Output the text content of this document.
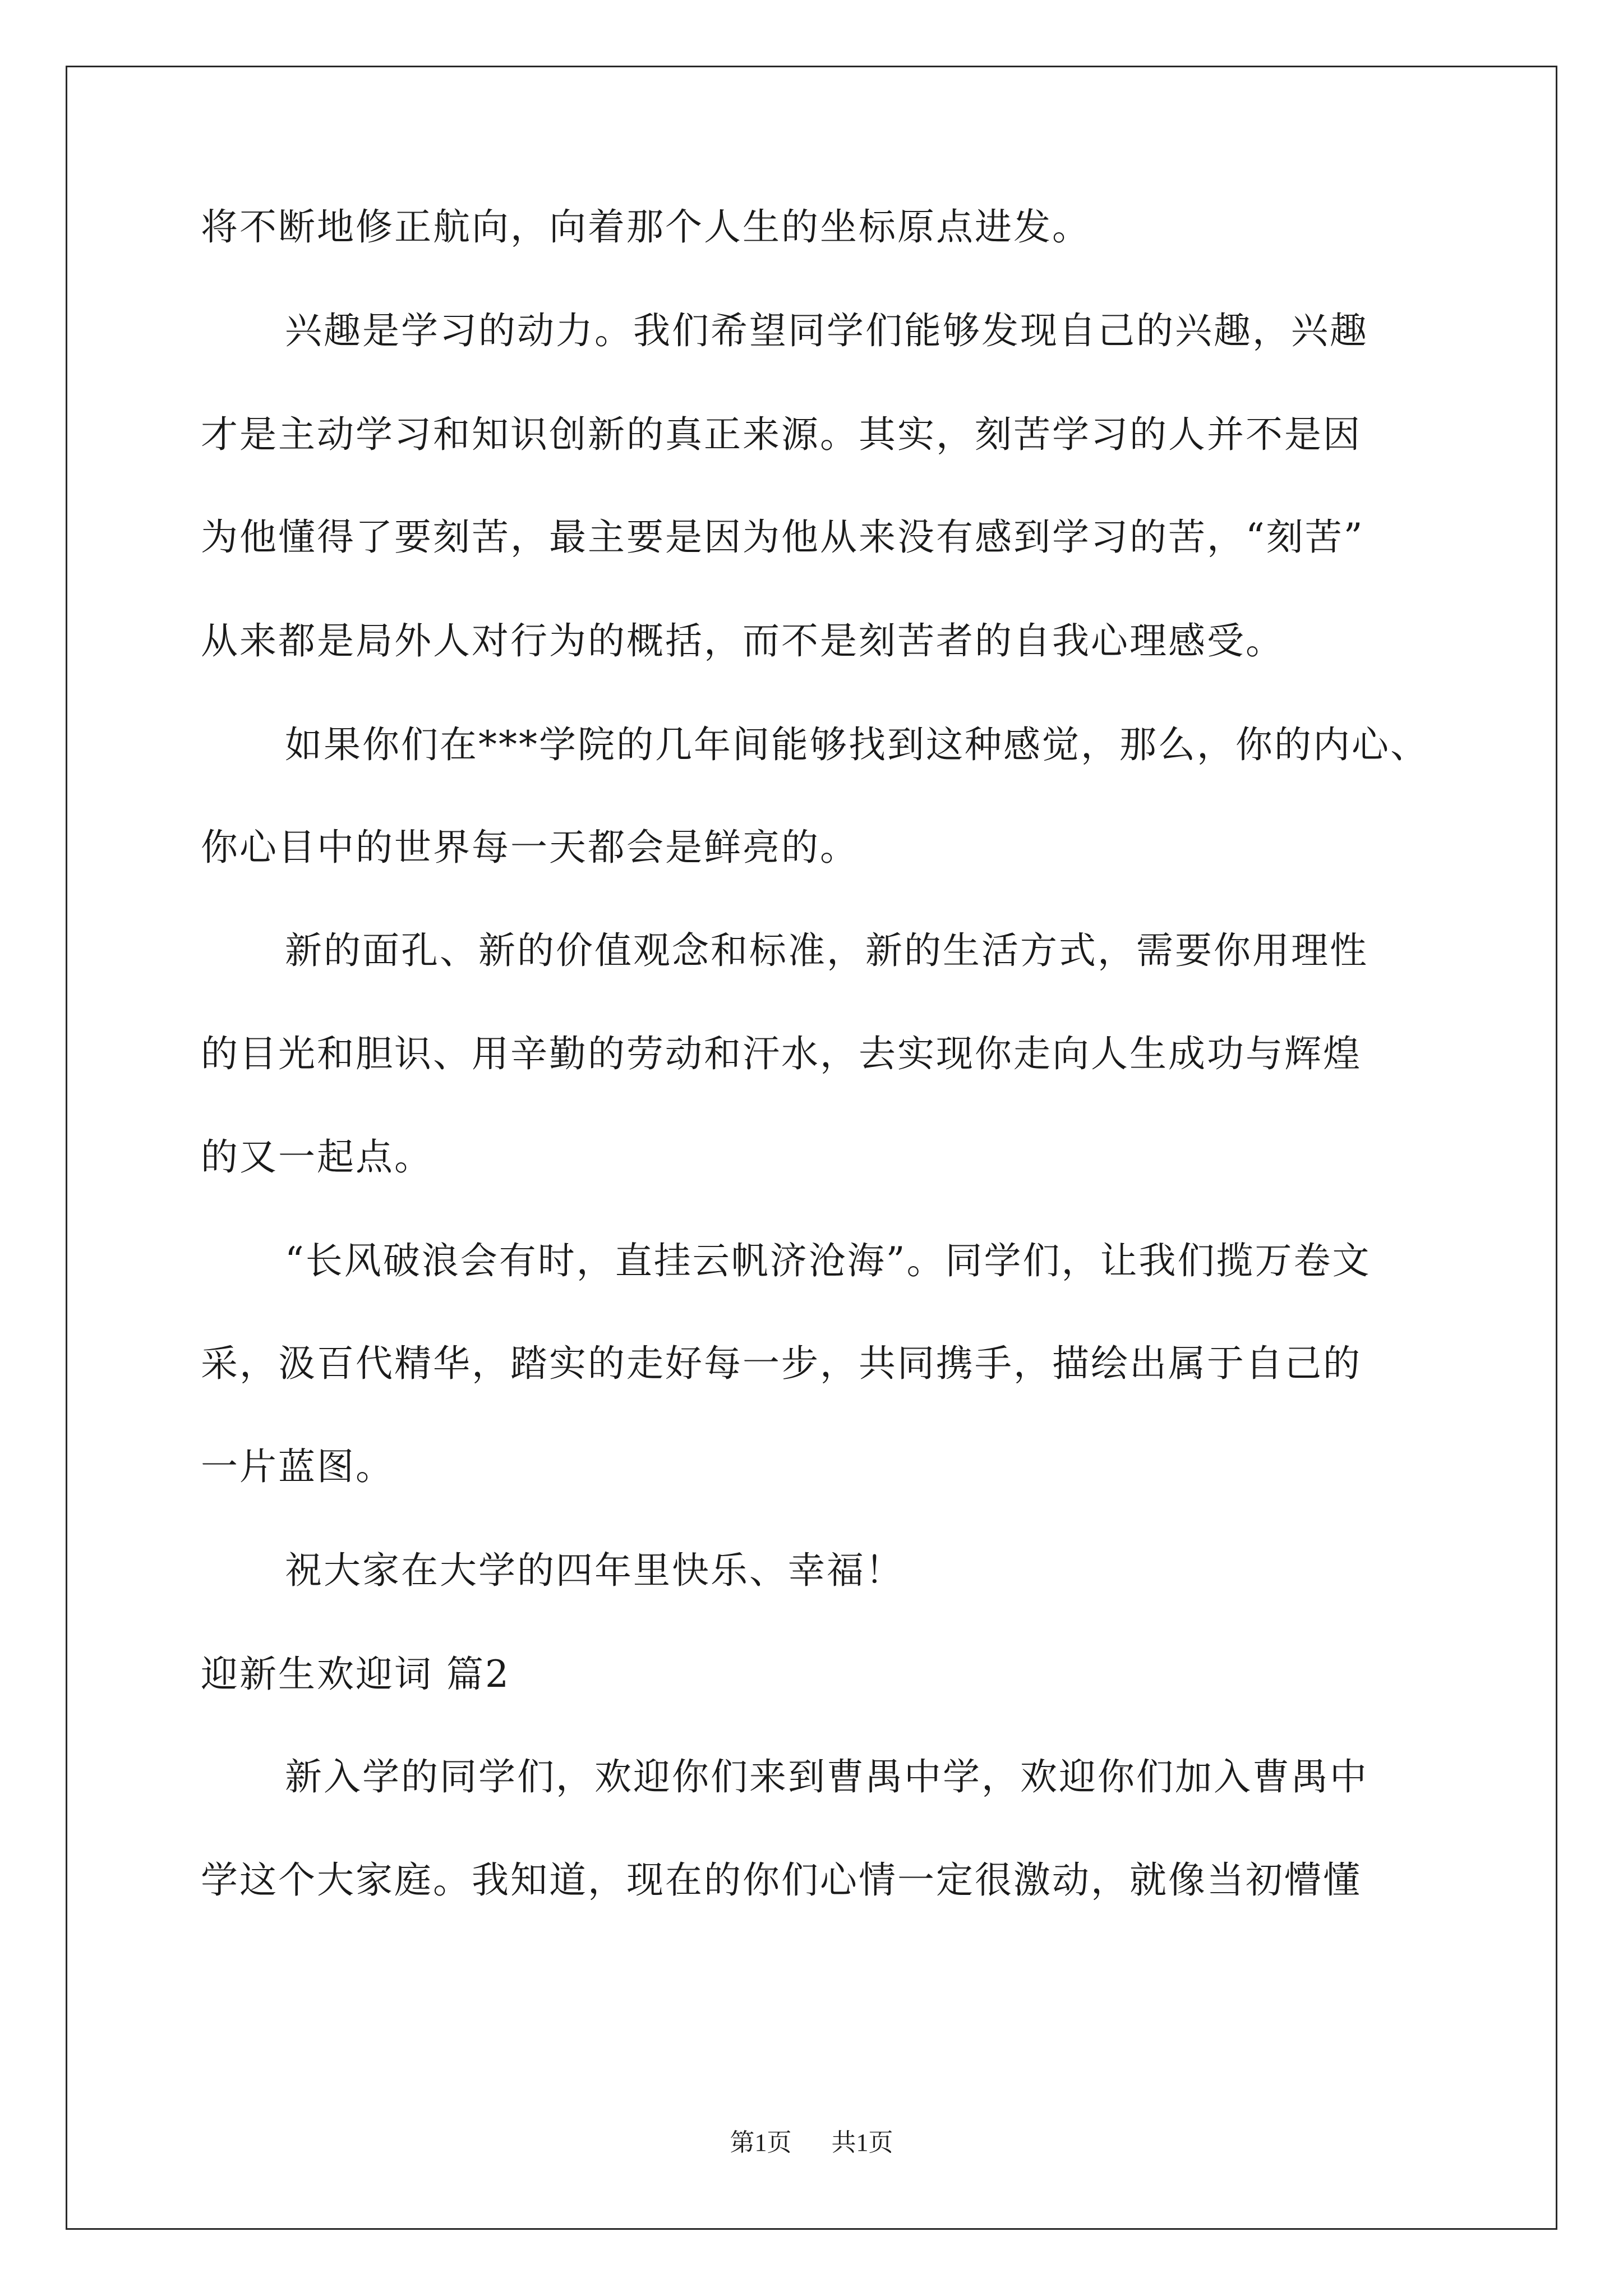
将不断地修正航向，向着那个人生的坐标原点进发。
兴趣是学习的动力。我们希望同学们能够发现自己的兴趣，兴趣
才是主动学习和知识创新的真正来源。其实，刻苦学习的人并不是因
为他懂得了要刻苦，最主要是因为他从来没有感到学习的苦，“刻苦”
从来都是局外人对行为的概括，而不是刻苦者的自我心理感受。
如果你们在***学院的几年间能够找到这种感觉，那么，你的内心、
你心目中的世界每一天都会是鲜亮的。
新的面孔、新的价值观念和标准，新的生活方式，需要你用理性
的目光和胆识、用辛勤的劳动和汗水，去实现你走向人生成功与辉煌
的又一起点。
“长风破浪会有时，直挂云帆济沧海”。同学们，让我们揽万卷文
采，汲百代精华，踏实的走好每一步，共同携手，描绘出属于自己的
一片蓝图。
祝大家在大学的四年里快乐、幸福！
迎新生欢迎词 篇2
新入学的同学们，欢迎你们来到曹禺中学，欢迎你们加入曹禺中
学这个大家庭。我知道，现在的你们心情一定很激动，就像当初懵懂
第1页 共1页
